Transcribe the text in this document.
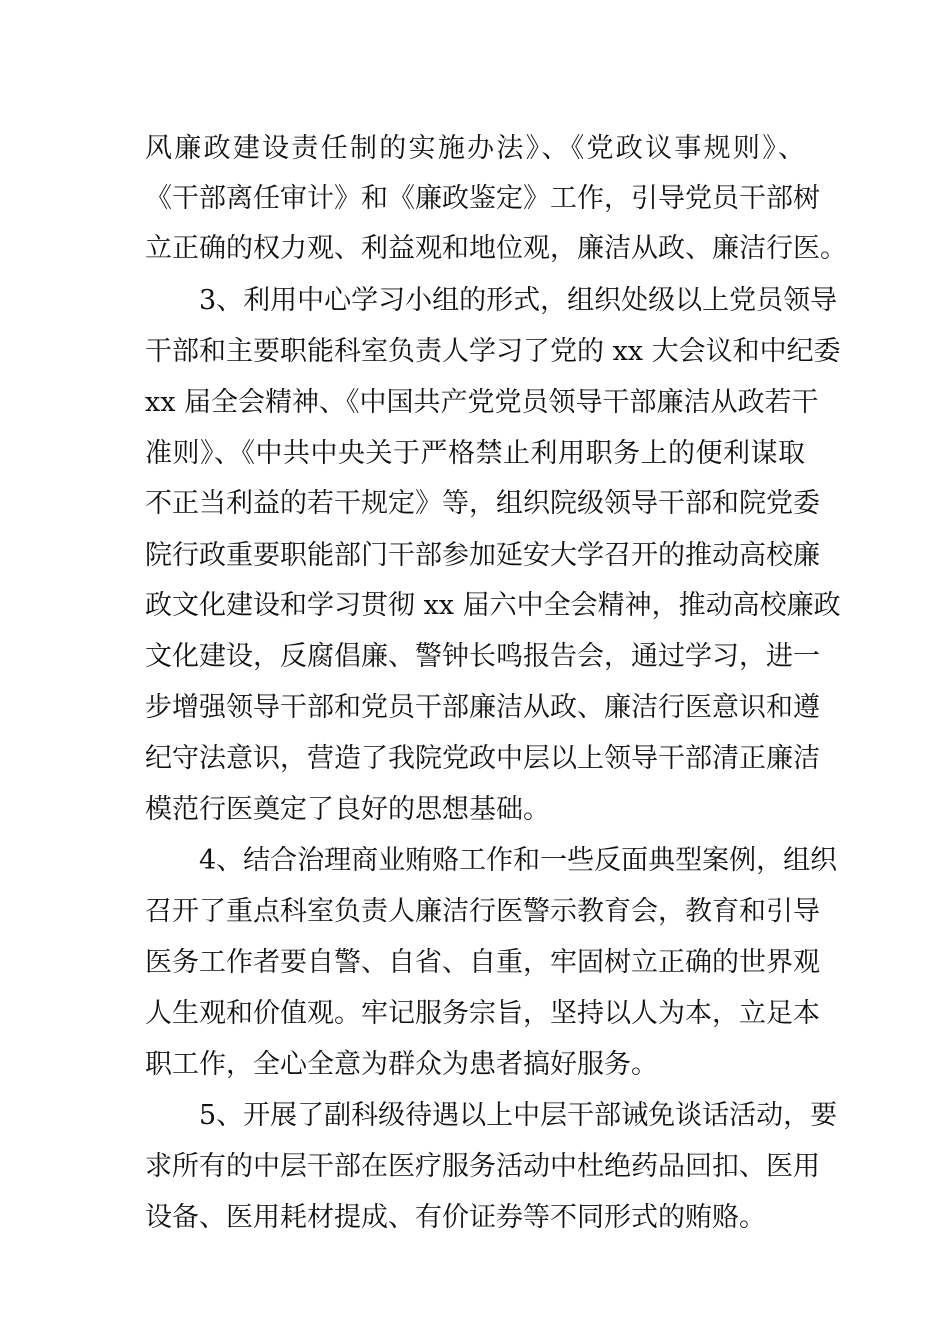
风廉政建设责任制的实施办法》、《党政议事规则》、
《干部离任审计》和《廉政鉴定》工作，引导党员干部树
立正确的权力观、利益观和地位观，廉洁从政、廉洁行医。
3、利用中心学习小组的形式，组织处级以上党员领导
干部和主要职能科室负责人学习了党的 xx 大会议和中纪委
xx 届全会精神、《中国共产党党员领导干部廉洁从政若干
准则》、《中共中央关于严格禁止利用职务上的便利谋取
不正当利益的若干规定》等，组织院级领导干部和院党委
院行政重要职能部门干部参加延安大学召开的推动高校廉
政文化建设和学习贯彻 xx 届六中全会精神，推动高校廉政
文化建设，反腐倡廉、警钟长鸣报告会，通过学习，进一
步增强领导干部和党员干部廉洁从政、廉洁行医意识和遵
纪守法意识，营造了我院党政中层以上领导干部清正廉洁
模范行医奠定了良好的思想基础。
4、结合治理商业贿赂工作和一些反面典型案例，组织
召开了重点科室负责人廉洁行医警示教育会，教育和引导
医务工作者要自警、自省、自重，牢固树立正确的世界观
人生观和价值观。牢记服务宗旨，坚持以人为本，立足本
职工作，全心全意为群众为患者搞好服务。
5、开展了副科级待遇以上中层干部诫免谈话活动，要
求所有的中层干部在医疗服务活动中杜绝药品回扣、医用
设备、医用耗材提成、有价证券等不同形式的贿赂。
